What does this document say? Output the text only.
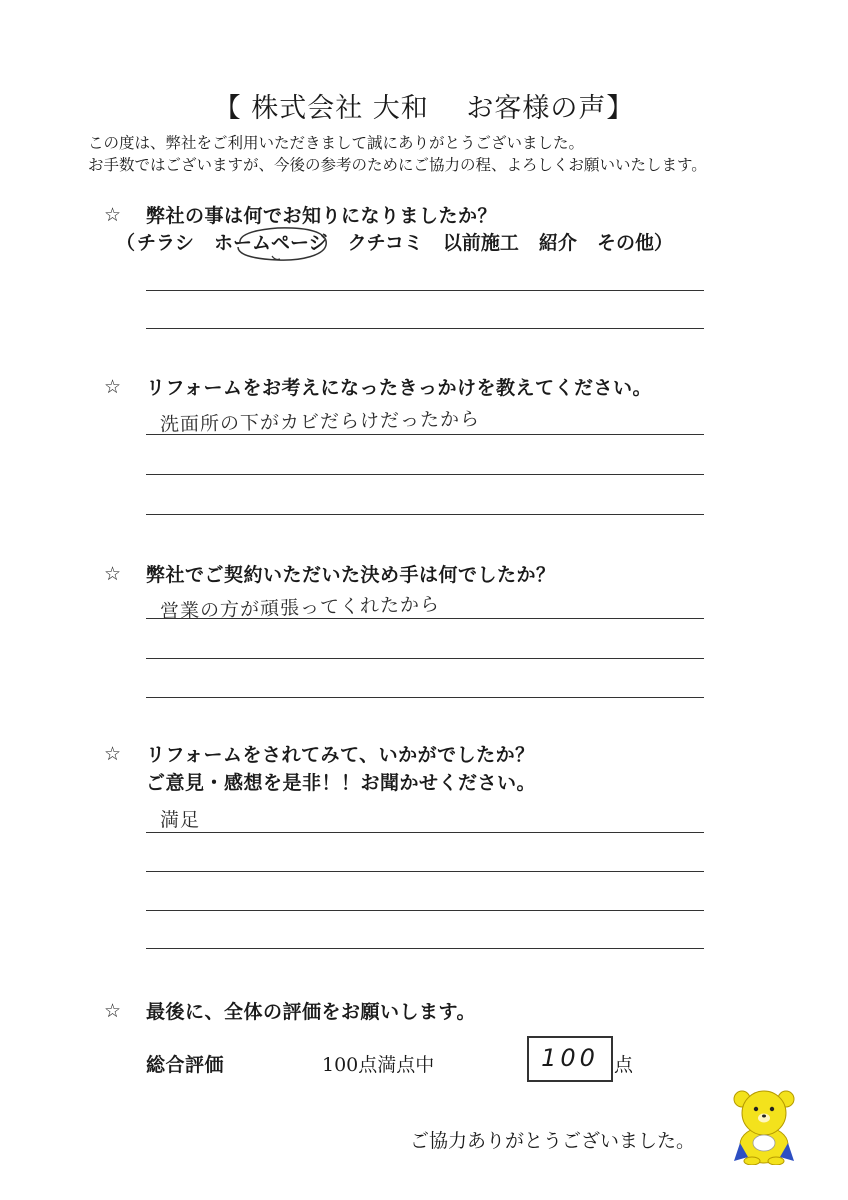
【 株式会社 大和　 お客様の声】
この度は、弊社をご利用いただきまして誠にありがとうございました。
お手数ではございますが、今後の参考のためにご協力の程、よろしくお願いいたします。
☆ 弊社の事は何でお知りになりましたか？
（ チラシ ホームページ クチコミ 以前施工 紹介 その他）
☆ リフォームをお考えになったきっかけを教えてください。
洗面所の下がカビだらけだったから
☆ 弊社でご契約いただいた決め手は何でしたか？
営業の方が頑張ってくれたから
☆ リフォームをされてみて、いかがでしたか？
ご意見・感想を是非！！お聞かせください。
満足
☆ 最後に、全体の評価をお願いします。
総合評価	100点満点中	100 点
ご協力ありがとうございました。
